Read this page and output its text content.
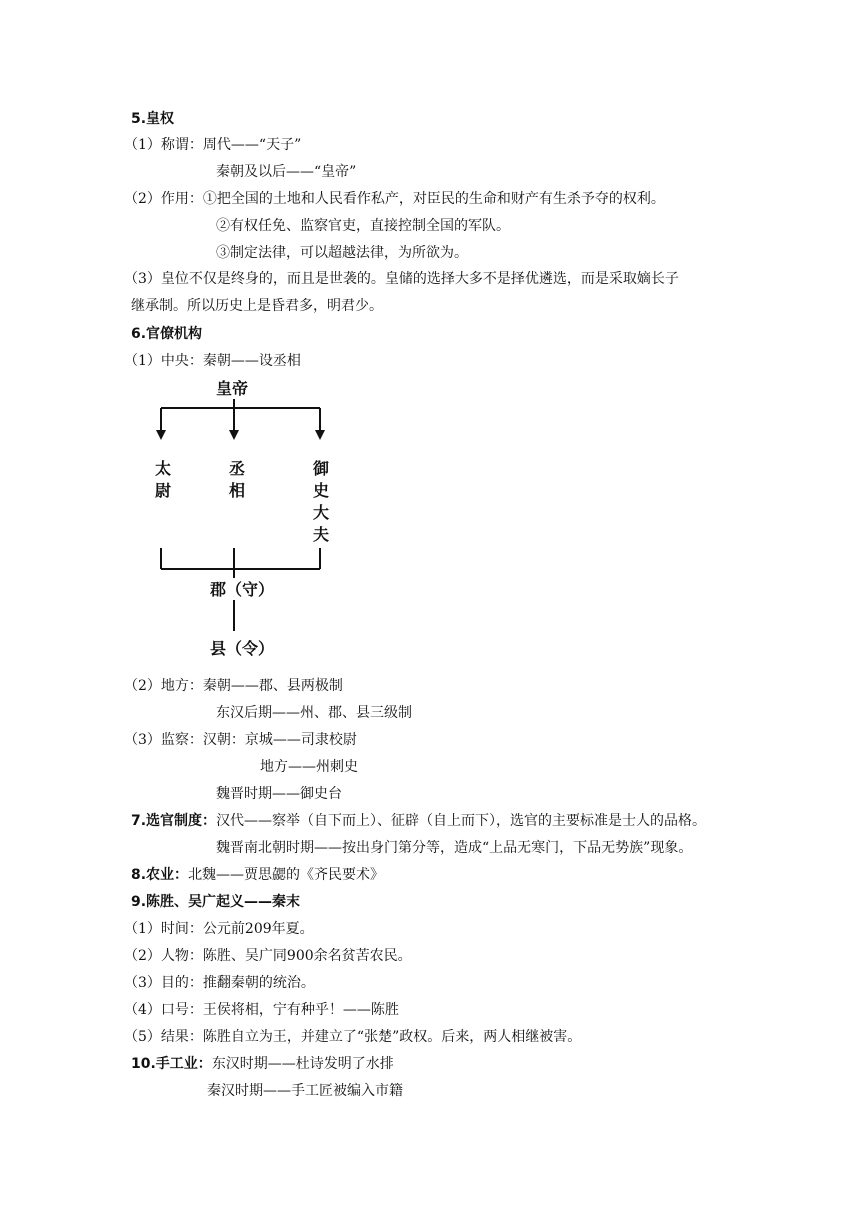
5.皇权
（1）称谓：周代——“天子”
秦朝及以后——“皇帝”
（2）作用：①把全国的土地和人民看作私产，对臣民的生命和财产有生杀予夺的权利。
②有权任免、监察官吏，直接控制全国的军队。
③制定法律，可以超越法律，为所欲为。
（3）皇位不仅是终身的，而且是世袭的。皇储的选择大多不是择优遴选，而是采取嫡长子
继承制。所以历史上是昏君多，明君少。
6.官僚机构
（1）中央：秦朝——设丞相
皇帝
太尉
丞相
御史大夫
郡（守）
县（令）
（2）地方：秦朝——郡、县两极制
东汉后期——州、郡、县三级制
（3）监察：汉朝：京城——司隶校尉
地方——州刺史
魏晋时期——御史台
7.选官制度：汉代——察举（自下而上）、征辟（自上而下），选官的主要标准是士人的品格。
魏晋南北朝时期——按出身门第分等，造成“上品无寒门，下品无势族”现象。
8.农业：北魏——贾思勰的《齐民要术》
9.陈胜、吴广起义——秦末
（1）时间：公元前209年夏。
（2）人物：陈胜、吴广同900余名贫苦农民。
（3）目的：推翻秦朝的统治。
（4）口号：王侯将相，宁有种乎！——陈胜
（5）结果：陈胜自立为王，并建立了“张楚”政权。后来，两人相继被害。
10.手工业：东汉时期——杜诗发明了水排
秦汉时期——手工匠被编入市籍
